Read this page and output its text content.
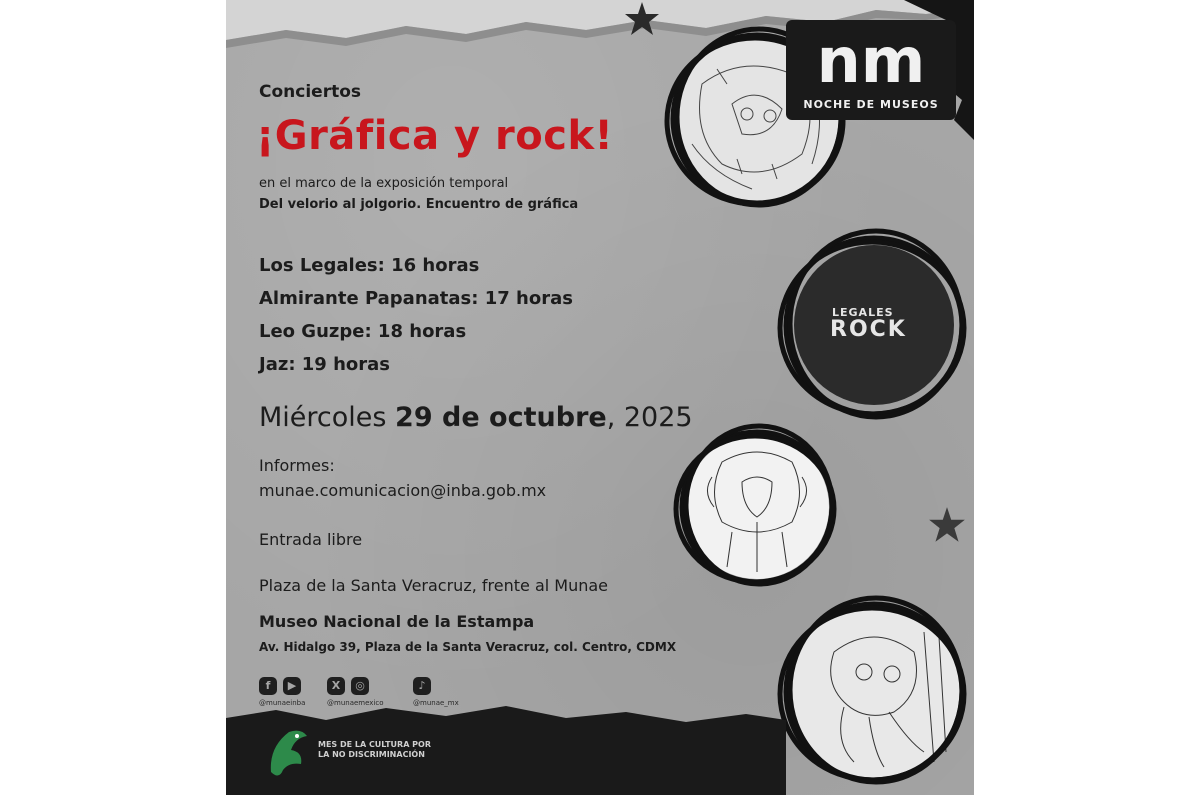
Conciertos
¡Gráfica y rock!
en el marco de la exposición temporal
Del velorio al jolgorio. Encuentro de gráfica
Los Legales: 16 horas
Almirante Papanatas: 17 horas
Leo Guzpe: 18 horas
Jaz: 19 horas
Miércoles 29 de octubre, 2025
Informes:
munae.comunicacion@inba.gob.mx
Entrada libre
Plaza de la Santa Veracruz, frente al Munae
Museo Nacional de la Estampa
Av. Hidalgo 39, Plaza de la Santa Veracruz, col. Centro, CDMX
f	▶
@munaeinba
X	◎
@munaemexico
♪
@munae_mx
nm
NOCHE DE MUSEOS
LEGALES
ROCK
MES DE LA CULTURA POR
LA NO DISCRIMINACIÓN
